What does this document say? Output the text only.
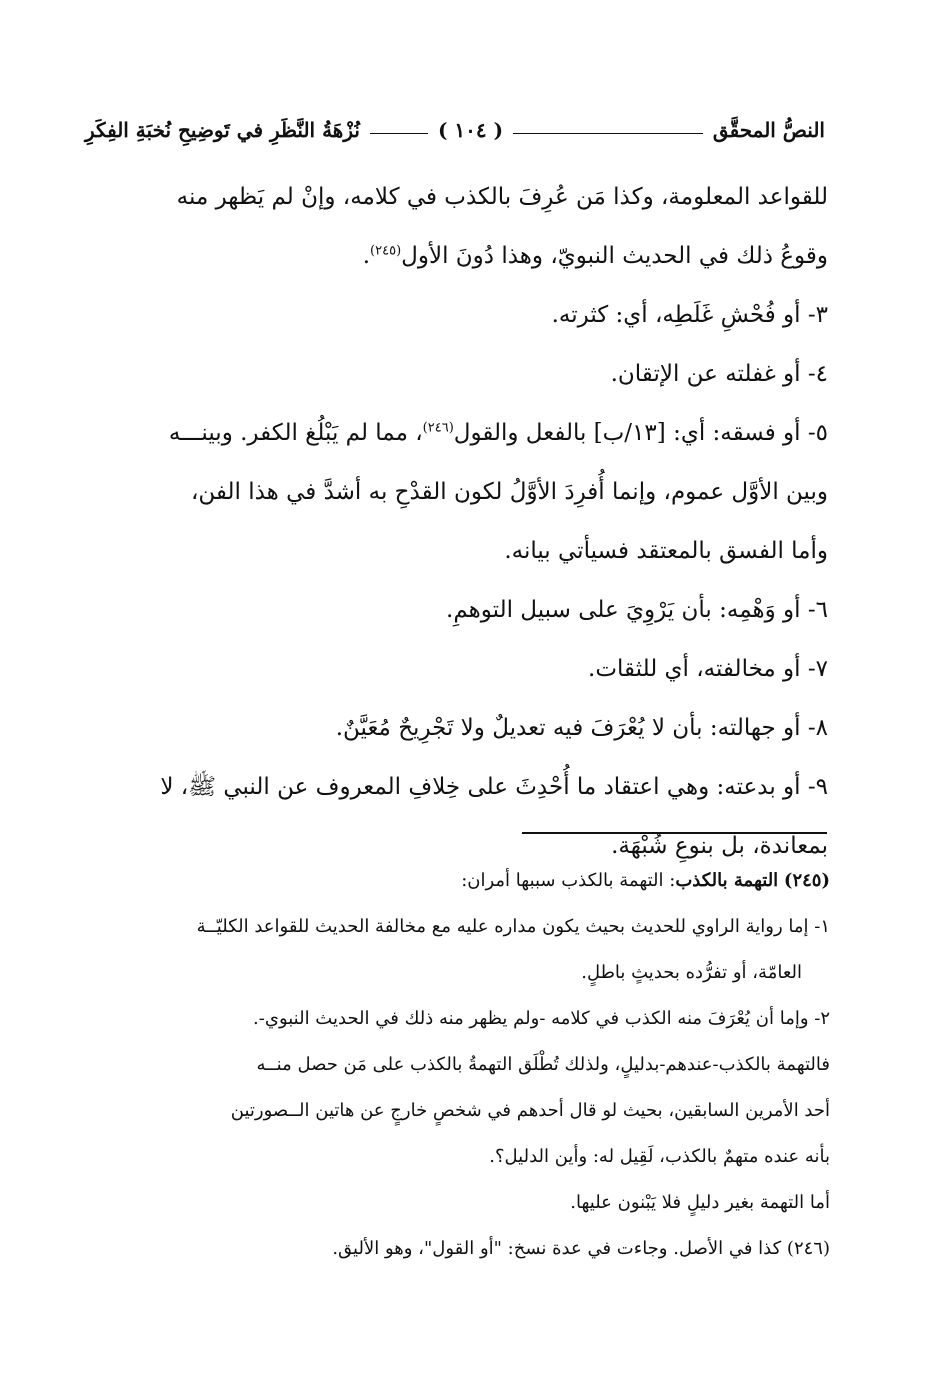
النصُّ المحقَّق
( ١٠٤ )
نُزْهَةُ النَّظَرِ في تَوضِيحِ نُخبَةِ الفِكَرِ

للقواعد المعلومة، وكذا مَن عُرِفَ بالكذب في كلامه، وإنْ لم يَظهر منه

وقوعُ ذلك في الحديث النبويّ، وهذا دُونَ الأول$^{(٢٤٥)}$.

٣- أو فُحْشِ غَلَطِه، أي: كثرته.

٤- أو غفلته عن الإتقان.

٥- أو فسقه: أي: [١٣/ب] بالفعل والقول$^{(٢٤٦)}$، مما لم يَبْلُغ الكفر. وبينـــه

وبين الأوَّل عموم، وإنما أُفرِدَ الأوَّلُ لكون القدْحِ به أشدَّ في هذا الفن،

وأما الفسق بالمعتقد فسيأتي بيانه.

٦- أو وَهْمِه: بأن يَرْوِيَ على سبيل التوهمِ.

٧- أو مخالفته، أي للثقات.

٨- أو جهالته: بأن لا يُعْرَفَ فيه تعديلٌ ولا تَجْرِيحٌ مُعَيَّنٌ.

٩- أو بدعته: وهي اعتقاد ما أُحْدِثَ على خِلافِ المعروف عن النبي ﷺ، لا

بمعاندة، بل بنوعِ شُبْهَة.

(٢٤٥) التهمة بالكذب: التهمة بالكذب سببها أمران:

١- إما رواية الراوي للحديث بحيث يكون مداره عليه مع مخالفة الحديث للقواعد الكليّــة

العامّة، أو تفرُّده بحديثٍ باطلٍ.

٢- وإما أن يُعْرَفَ منه الكذب في كلامه -ولم يظهر منه ذلك في الحديث النبوي-.

فالتهمة بالكذب-عندهم-بدليلٍ، ولذلك تُطْلَق التهمةُ بالكذب على مَن حصل منــه

أحد الأمرين السابقين، بحيث لو قال أحدهم في شخصٍ خارجٍ عن هاتين الــصورتين

بأنه عنده متهمٌ بالكذب، لَقِيل له: وأين الدليل؟.

أما التهمة بغير دليلٍ فلا يَبْنون عليها.

(٢٤٦) كذا في الأصل. وجاءت في عدة نسخ: "أو القول"، وهو الأليق.
